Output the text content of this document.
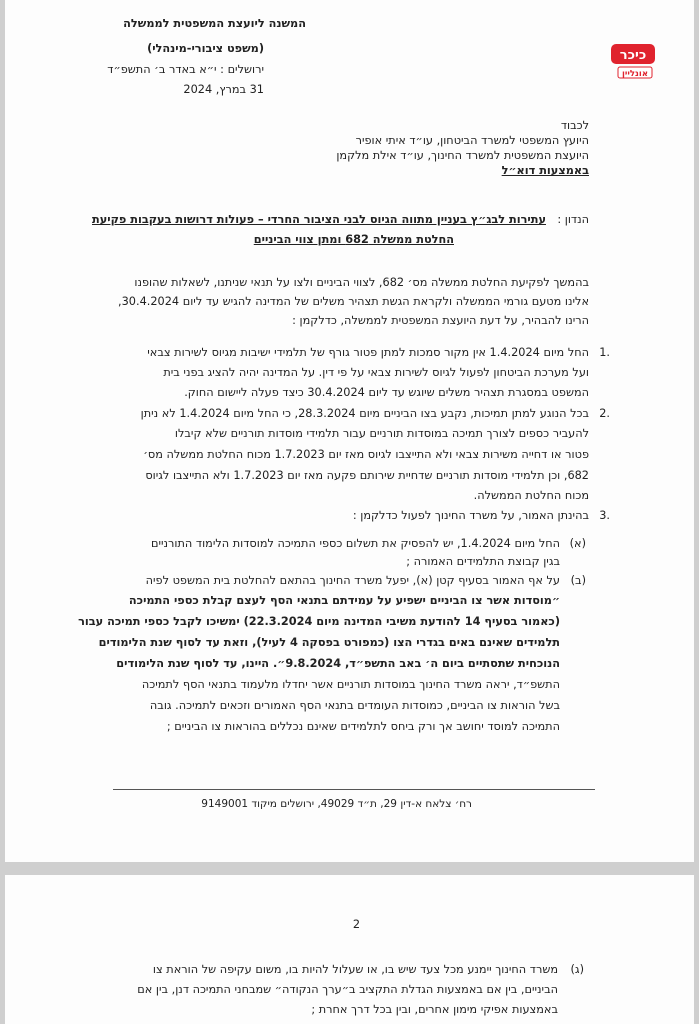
המשנה ליועצת המשפטית לממשלה
(משפט ציבורי-מינהלי)
ירושלים : י״א באדר ב׳ התשפ״ד
31 במרץ, 2024
כיכר
אונליין
לכבוד
היועץ המשפטי למשרד הביטחון, עו״ד איתי אופיר
היועצת המשפטית למשרד החינוך, עו״ד אילת מלקמן
באמצעות דוא״ל
הנדון :
עתירות לבג״ץ בעניין מתווה הגיוס לבני הציבור החרדי – פעולות דרושות בעקבות פקיעת
החלטת ממשלה 682 ומתן צווי הביניים
בהמשך לפקיעת החלטת ממשלה מס׳ 682, לצווי הביניים ולצו על תנאי שניתנו, לשאלות שהופנו
אלינו מטעם גורמי הממשלה ולקראת הגשת תצהיר משלים של המדינה להגיש עד ליום 30.4.2024,
הרינו להבהיר, על דעת היועצת המשפטית לממשלה, כדלקמן :
.1
החל מיום 1.4.2024 אין מקור סמכות למתן פטור גורף של תלמידי ישיבות מגיוס לשירות צבאי
ועל מערכת הביטחון לפעול לגיוס לשירות צבאי על פי דין. על המדינה יהיה להציג בפני בית
המשפט במסגרת תצהיר משלים שיוגש עד ליום 30.4.2024 כיצד פעלה ליישום החוק.
.2
בכל הנוגע למתן תמיכות, נקבע בצו הביניים מיום 28.3.2024, כי החל מיום 1.4.2024 לא ניתן
להעביר כספים לצורך תמיכה במוסדות תורניים עבור תלמידי מוסדות תורניים שלא קיבלו
פטור או דחייה משירות צבאי ולא התייצבו לגיוס מאז יום 1.7.2023 מכוח החלטת ממשלה מס׳
682, וכן תלמידי מוסדות תורניים שדחיית שירותם פקעה מאז יום 1.7.2023 ולא התייצבו לגיוס
מכוח החלטת הממשלה.
.3
בהינתן האמור, על משרד החינוך לפעול כדלקמן :
(א)
החל מיום 1.4.2024, יש להפסיק את תשלום כספי התמיכה למוסדות הלימוד התורניים
בגין קבוצת התלמידים האמורה ;
(ב)
על אף האמור בסעיף קטן (א), יפעל משרד החינוך בהתאם להחלטת בית המשפט לפיה
״מוסדות אשר צו הביניים ישפיע על עמידתם בתנאי הסף לעצם קבלת כספי התמיכה
(כאמור בסעיף 14 להודעת משיבי המדינה מיום 22.3.2024) ימשיכו לקבל כספי תמיכה עבור
תלמידים שאינם באים בגדרי הצו (כמפורט בפסקה 4 לעיל), וזאת עד לסוף שנת הלימודים
הנוכחית שתסתיים ביום ה׳ באב התשפ״ד, 9.8.2024״. היינו, עד לסוף שנת הלימודים
התשפ״ד, יראה משרד החינוך במוסדות תורניים אשר יחדלו מלעמוד בתנאי הסף לתמיכה
בשל הוראות צו הביניים, כמוסדות העומדים בתנאי הסף האמורים וזכאים לתמיכה. גובה
התמיכה למוסד יחושב אך ורק ביחס לתלמידים שאינם נכללים בהוראות צו הביניים ;
רח׳ צלאח א-דין 29, ת״ד 49029, ירושלים מיקוד 9149001
2
(ג)
משרד החינוך יימנע מכל צעד שיש בו, או שעלול להיות בו, משום עקיפה של הוראת צו
הביניים, בין אם באמצעות הגדלת התקציב ב״ערך הנקודה״ שמבחני התמיכה דנן, בין אם
באמצעות אפיקי מימון אחרים, ובין בכל דרך אחרת ;
